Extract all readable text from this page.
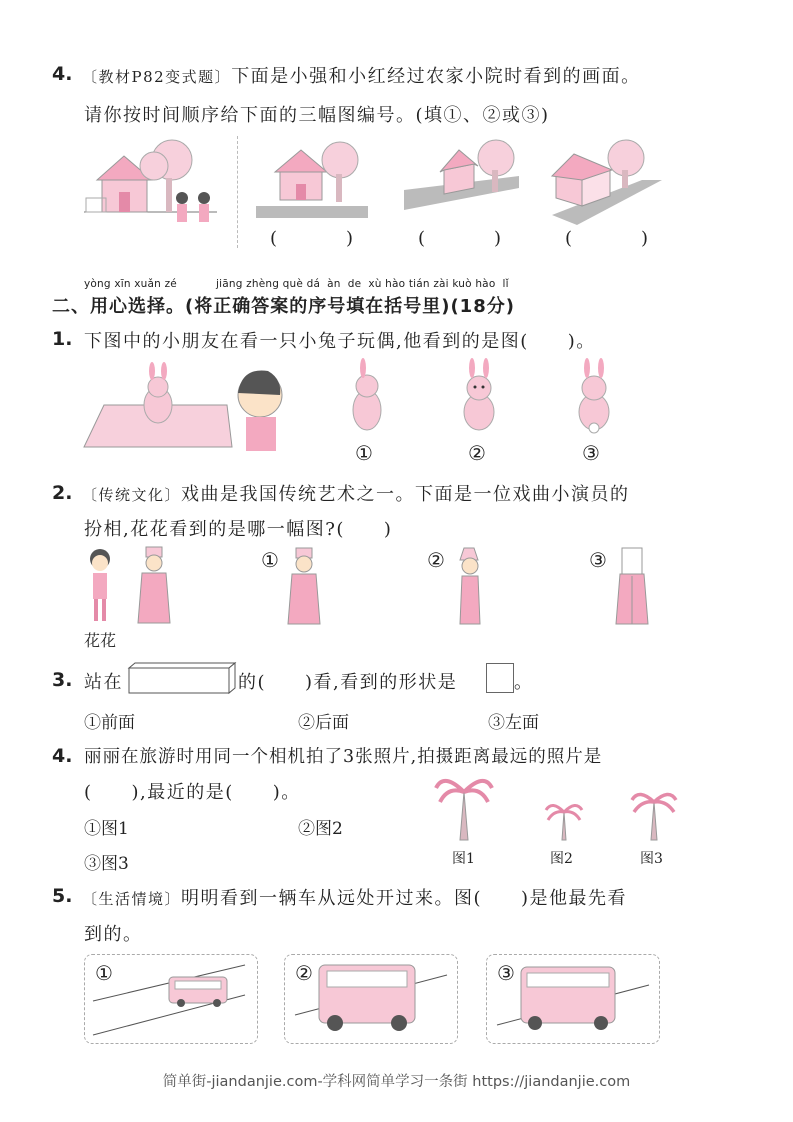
4. 〔教材P82变式题〕下面是小强和小红经过农家小院时看到的画面。
请你按时间顺序给下面的三幅图编号。(填①、②或③)
(	)	(	)	(	)
yòng xīn xuǎn zé	jiāng zhèng què dá àn de xù hào tián zài kuò hào lǐ
二、用心选择。(将正确答案的序号填在括号里)(18分)
1. 下图中的小朋友在看一只小兔子玩偶,他看到的是图(　　)。
①	②	③
2. 〔传统文化〕戏曲是我国传统艺术之一。下面是一位戏曲小演员的
扮相,花花看到的是哪一幅图?(　　)
花花
①	②	③
3. 站在	的(　　)看,看到的形状是	。
①前面	②后面	③左面
4. 丽丽在旅游时用同一个相机拍了3张照片,拍摄距离最远的照片是
(　　),最近的是(　　)。
①图1	②图2
③图3	图1	图2	图3
5. 〔生活情境〕明明看到一辆车从远处开过来。图(　　)是他最先看
到的。
①	②	③
简单街-jiandanjie.com-学科网简单学习一条街 https://jiandanjie.com
